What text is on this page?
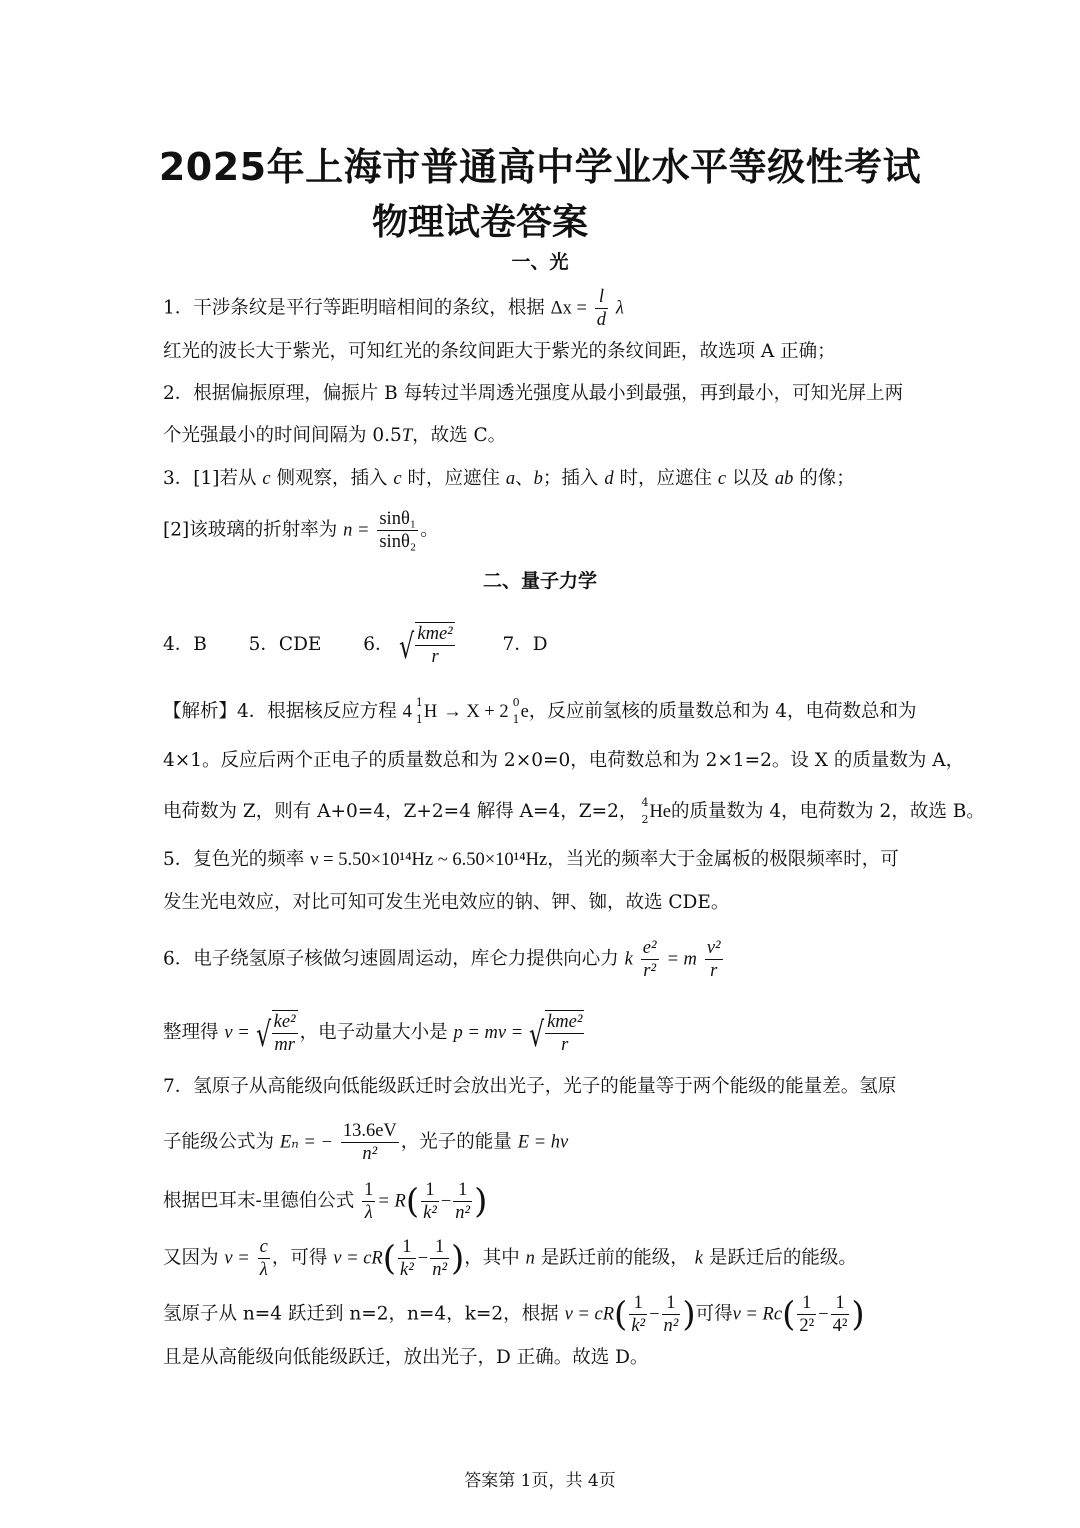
2025年上海市普通高中学业水平等级性考试
物理试卷答案
一、光
1．干涉条纹是平行等距明暗相间的条纹，根据 $\Delta x = \frac{l}{d}$ λ
红光的波长大于紫光，可知红光的条纹间距大于紫光的条纹间距，故选项 A 正确；
2．根据偏振原理，偏振片 B 每转过半周透光强度从最小到最强，再到最小，可知光屏上两
个光强最小的时间间隔为 0.5T，故选 C。
3．[1]若从 c 侧观察，插入 c 时，应遮住 a、b；插入 d 时，应遮住 c 以及 ab 的像；
[2]该玻璃的折射率为 $n = \frac{\text{sinθ₁}}{\text{sinθ₂}}$ 。
二、量子力学
4．B 5．CDE 6． √ $\frac{\text{kme²}}{r}$	7．D
【解析】4．根据核反应方程 4 1
1 H → X + 2 0
1 e，反应前氢核的质量数总和为 4，电荷数总和为
4×1。反应后两个正电子的质量数总和为 2×0=0，电荷数总和为 2×1=2。设 X 的质量数为 A，
电荷数为 Z，则有 A+0=4，Z+2=4 解得 A=4，Z=2， 4
2 He的质量数为 4，电荷数为 2，故选 B。
5．复色光的频率 ν = 5.50×10¹⁴Hz ~ 6.50×10¹⁴Hz，当光的频率大于金属板的极限频率时，可
发生光电效应，对比可知可发生光电效应的钠、钾、铷，故选 CDE。
6．电子绕氢原子核做匀速圆周运动，库仑力提供向心力 k $\frac{\text{e²}}{\text{r²}} = m \frac{\text{v²}}{r}$
整理得 v = √ $\frac{\text{ke²}}{mr}$ ，电子动量大小是 p = mv = √ $\frac{\text{kme²}}{r}$
7．氢原子从高能级向低能级跃迁时会放出光子，光子的能量等于两个能级的能量差。氢原
子能级公式为 Eₙ = − $\frac{13.6eV}{\text{n²}}$ ，光子的能量 E = hν
根据巴耳末-里德伯公式 $\frac{1}{\lambda} = R( \frac{1}{\text{k²}} - \frac{1}{\text{n²}}$ )
又因为 $\nu = \frac{c}{\lambda}$ ，可得 $\nu = cR( \frac{1}{\text{k²}} - \frac{1}{\text{n²}}$ )，其中 n 是跃迁前的能级， k 是跃迁后的能级。
氢原子从 n=4 跃迁到 n=2，n=4，k=2，根据 $\nu = cR( \frac{1}{\text{k²}} - \frac{1}{\text{n²}}$ )可得$\nu = Rc( \frac{1}{\text{2²}} - \frac{1}{\text{4²}}$ )
且是从高能级向低能级跃迁，放出光子，D 正确。故选 D。
答案第 1页，共 4页
